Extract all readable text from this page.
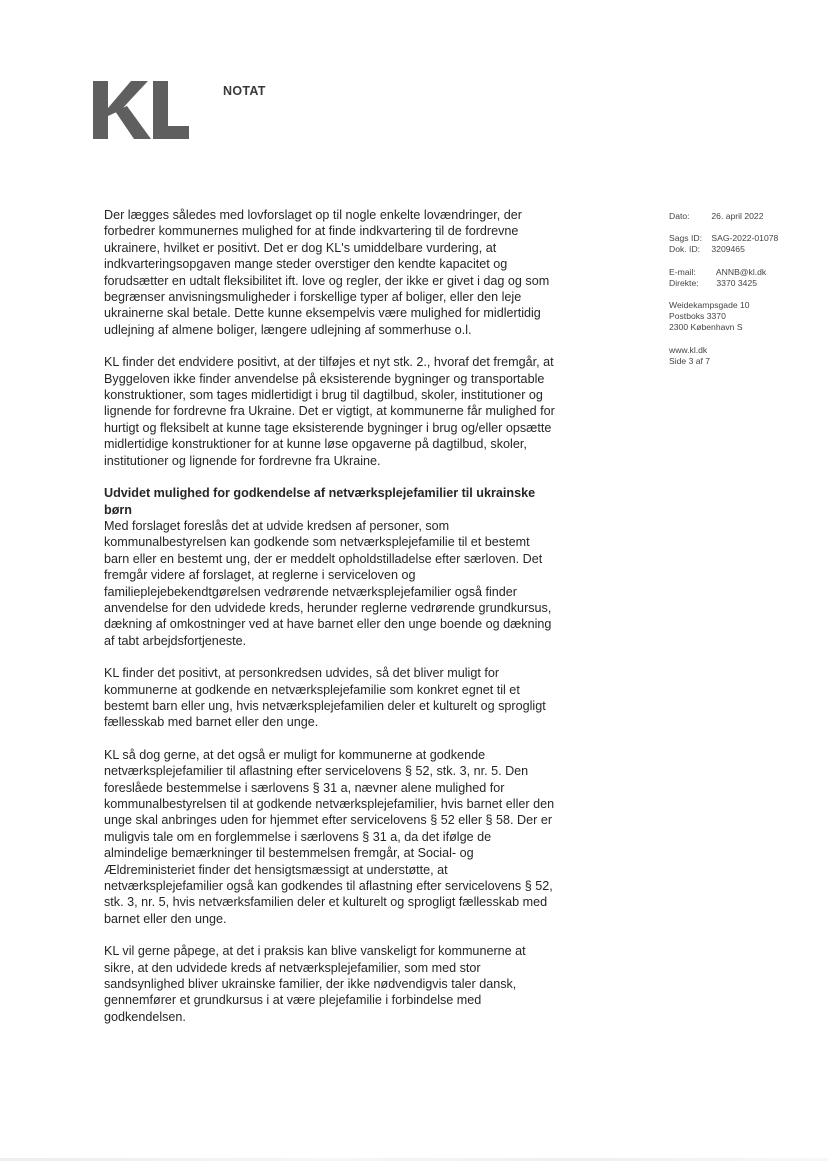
NOTAT

Der lægges således med lovforslaget op til nogle enkelte lovændringer, der forbedrer kommunernes mulighed for at finde indkvartering til de fordrevne ukrainere, hvilket er positivt. Det er dog KL's umiddelbare vurdering, at indkvarteringsopgaven mange steder overstiger den kendte kapacitet og forudsætter en udtalt fleksibilitet ift. love og regler, der ikke er givet i dag og som begrænser anvisningsmuligheder i forskellige typer af boliger, eller den leje ukrainerne skal betale. Dette kunne eksempelvis være mulighed for midlertidig udlejning af almene boliger, længere udlejning af sommerhuse o.l.

KL finder det endvidere positivt, at der tilføjes et nyt stk. 2., hvoraf det fremgår, at Byggeloven ikke finder anvendelse på eksisterende bygninger og transportable konstruktioner, som tages midlertidigt i brug til dagtilbud, skoler, institutioner og lignende for fordrevne fra Ukraine. Det er vigtigt, at kommunerne får mulighed for hurtigt og fleksibelt at kunne tage eksisterende bygninger i brug og/eller opsætte midlertidige konstruktioner for at kunne løse opgaverne på dagtilbud, skoler, institutioner og lignende for fordrevne fra Ukraine.

Udvidet mulighed for godkendelse af netværksplejefamilier til ukrainske børn

Med forslaget foreslås det at udvide kredsen af personer, som kommunalbestyrelsen kan godkende som netværksplejefamilie til et bestemt barn eller en bestemt ung, der er meddelt opholdstilladelse efter særloven. Det fremgår videre af forslaget, at reglerne i serviceloven og familieplejebekendtgørelsen vedrørende netværksplejefamilier også finder anvendelse for den udvidede kreds, herunder reglerne vedrørende grundkursus, dækning af omkostninger ved at have barnet eller den unge boende og dækning af tabt arbejdsfortjeneste.

KL finder det positivt, at personkredsen udvides, så det bliver muligt for kommunerne at godkende en netværksplejefamilie som konkret egnet til et bestemt barn eller ung, hvis netværksplejefamilien deler et kulturelt og sprogligt fællesskab med barnet eller den unge.

KL så dog gerne, at det også er muligt for kommunerne at godkende netværksplejefamilier til aflastning efter servicelovens § 52, stk. 3, nr. 5. Den foreslåede bestemmelse i særlovens § 31 a, nævner alene mulighed for kommunalbestyrelsen til at godkende netværksplejefamilier, hvis barnet eller den unge skal anbringes uden for hjemmet efter servicelovens § 52 eller § 58. Der er muligvis tale om en forglemmelse i særlovens § 31 a, da det ifølge de almindelige bemærkninger til bestemmelsen fremgår, at Social- og Ældreministeriet finder det hensigtsmæssigt at understøtte, at netværksplejefamilier også kan godkendes til aflastning efter servicelovens § 52, stk. 3, nr. 5, hvis netværksfamilien deler et kulturelt og sprogligt fællesskab med barnet eller den unge.

KL vil gerne påpege, at det i praksis kan blive vanskeligt for kommunerne at sikre, at den udvidede kreds af netværksplejefamilier, som med stor sandsynlighed bliver ukrainske familier, der ikke nødvendigvis taler dansk, gennemfører et grundkursus i at være plejefamilie i forbindelse med godkendelsen.

Dato:	26. april 2022
Sags ID: SAG-2022-01078
Dok. ID: 3209465
E-mail: ANNB@kl.dk
Direkte: 3370 3425
Weidekampsgade 10
Postboks 3370
2300 København S
www.kl.dk
Side 3 af 7
